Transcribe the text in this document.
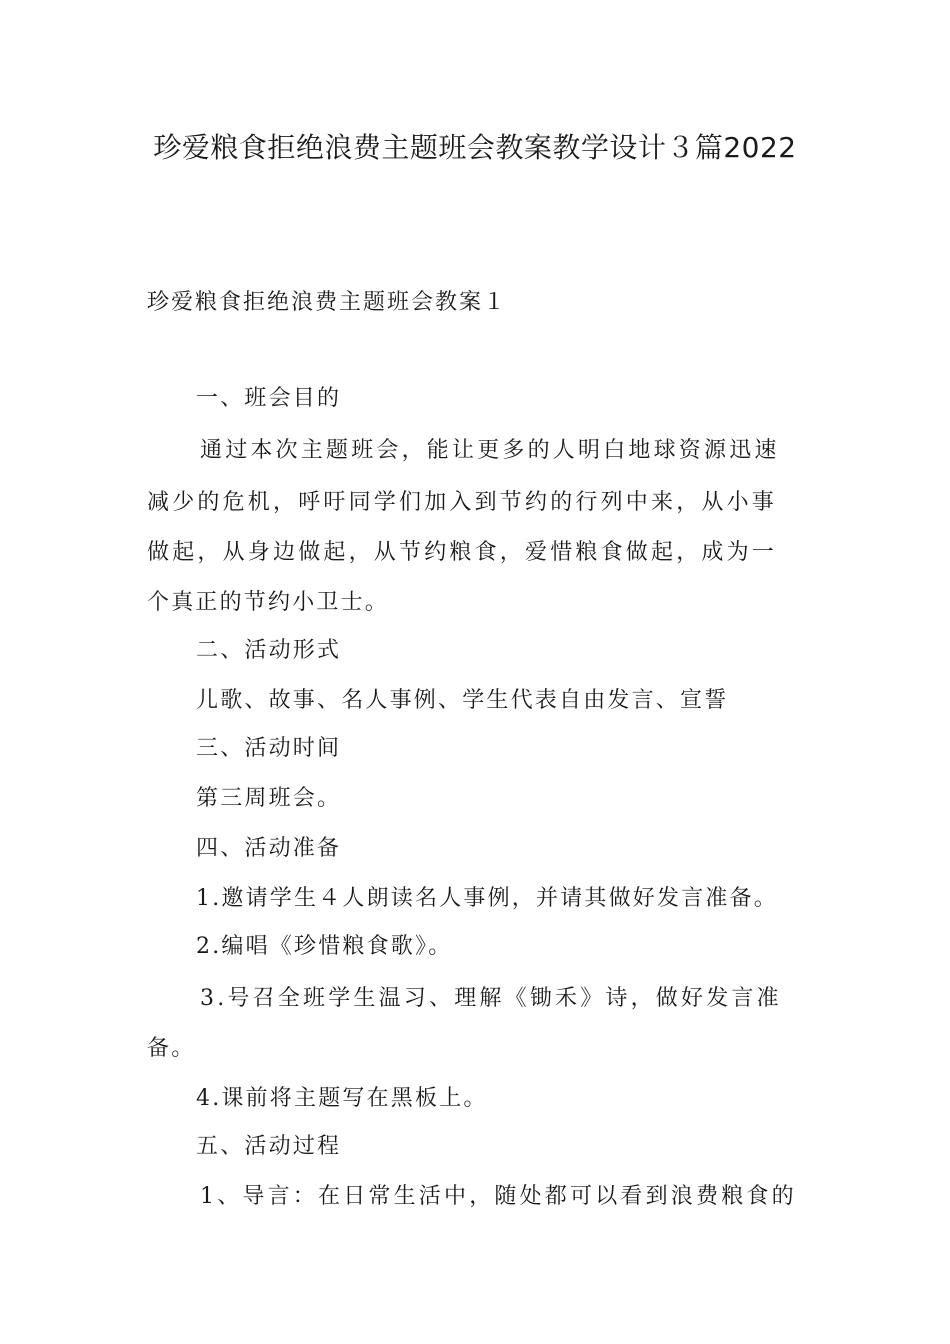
珍爱粮食拒绝浪费主题班会教案教学设计３篇2022

珍爱粮食拒绝浪费主题班会教案１

一、班会目的

通过本次主题班会，能让更多的人明白地球资源迅速

减少的危机，呼吁同学们加入到节约的行列中来，从小事

做起，从身边做起，从节约粮食，爱惜粮食做起，成为一

个真正的节约小卫士。

二、活动形式

儿歌、故事、名人事例、学生代表自由发言、宣誓

三、活动时间

第三周班会。

四、活动准备

1.邀请学生４人朗读名人事例，并请其做好发言准备。

2.编唱《珍惜粮食歌》。

3.号召全班学生温习、理解《锄禾》诗，做好发言准

备。

4.课前将主题写在黑板上。

五、活动过程

1、导言：在日常生活中，随处都可以看到浪费粮食的
